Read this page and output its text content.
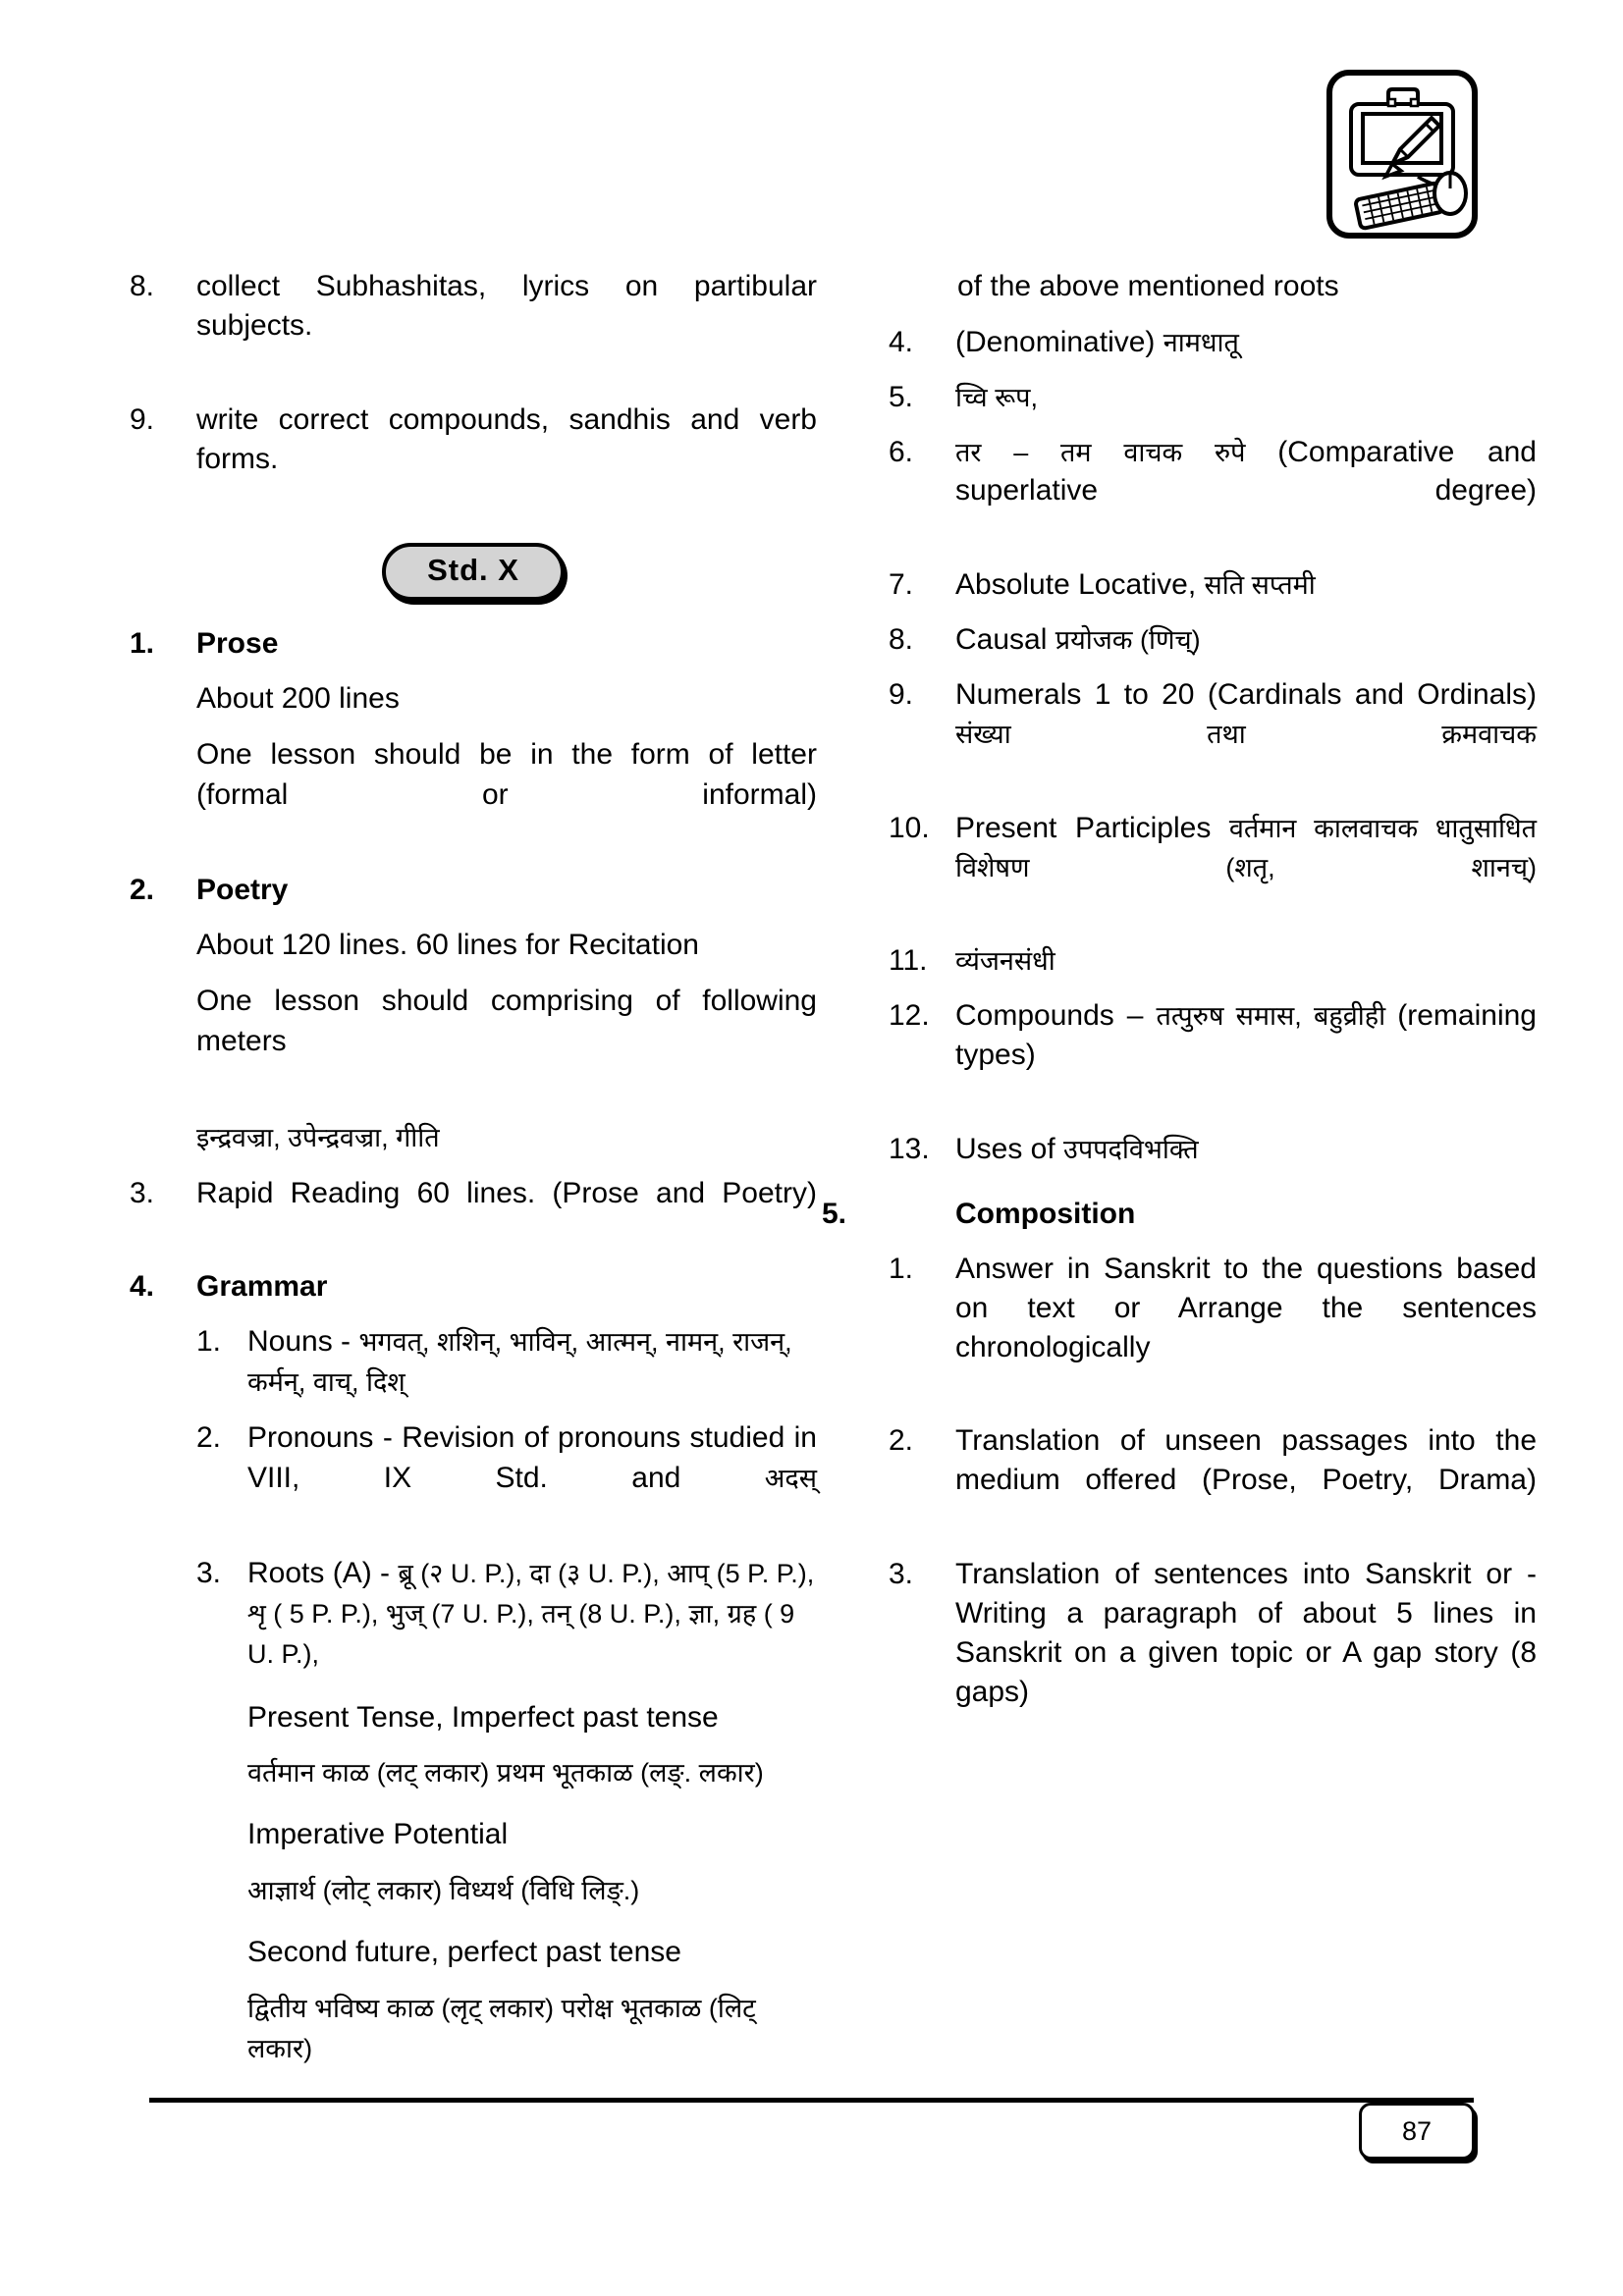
8.	collect Subhashitas, lyrics on partibular subjects.
9.	write correct compounds, sandhis and verb forms.
Std. X
1.	Prose
About 200 lines
One lesson should be in the form of letter (formal or informal)
2.	Poetry
About 120 lines. 60 lines for Recitation
One lesson should comprising of following meters
इन्द्रवज्रा, उपेन्द्रवज्रा, गीति
3.	Rapid Reading 60 lines. (Prose and Poetry)
4.	Grammar
1. Nouns - भगवत्, शशिन्, भाविन्, आत्मन्, नामन्, राजन्, कर्मन्, वाच्, दिश्
2. Pronouns - Revision of pronouns studied in VIII, IX Std. and अदस्
3. Roots (A) - ब्रू (२ U. P.), दा (३ U. P.), आप् (5 P. P.), शृ ( 5 P. P.), भुज् (7 U. P.), तन् (8 U. P.), ज्ञा, ग्रह ( 9 U. P.),
Present Tense, Imperfect past tense
वर्तमान काळ (लट् लकार) प्रथम भूतकाळ (लङ्. लकार)
Imperative Potential
आज्ञार्थ (लोट् लकार) विध्यर्थ (विधि लिङ्.)
Second future, perfect past tense
द्वितीय भविष्य काळ (लृट् लकार) परोक्ष भूतकाळ (लिट् लकार)
of the above mentioned roots
4.	(Denominative) नामधातू
5.	च्वि रूप,
6.	तर – तम वाचक रुपे (Comparative and superlative degree)
7.	Absolute Locative, सति सप्तमी
8.	Causal प्रयोजक (णिच्)
9.	Numerals 1 to 20 (Cardinals and Ordinals) संख्या तथा क्रमवाचक
10. Present Participles वर्तमान कालवाचक धातुसाधित विशेषण (शतृ, शानच्)
11.	व्यंजनसंधी
12. Compounds – तत्पुरुष समास, बहुव्रीही (remaining types)
13. Uses of उपपदविभक्ति
5.	Composition
1.	Answer in Sanskrit to the questions based on text or Arrange the sentences chronologically
2.	Translation of unseen passages into the medium offered (Prose, Poetry, Drama)
3.	Translation of sentences into Sanskrit or - Writing a paragraph of about 5 lines in Sanskrit on a given topic or A gap story (8 gaps)
87
